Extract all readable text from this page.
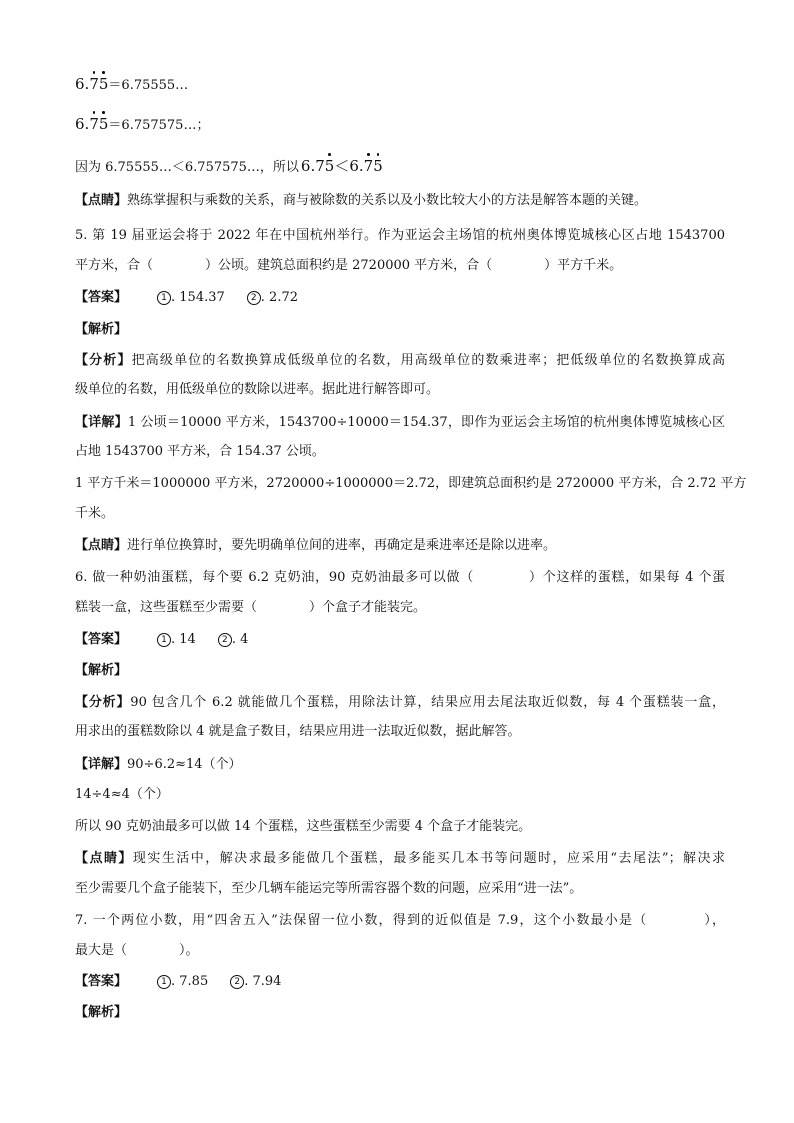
6.75＝6.75555…
6.75＝6.757575…；
因为 6.75555…＜6.757575…，所以 6.75＜6.75
【点睛】熟练掌握积与乘数的关系，商与被除数的关系以及小数比较大小的方法是解答本题的关键。
5. 第 19 届亚运会将于 2022 年在中国杭州举行。作为亚运会主场馆的杭州奥体博览城核心区占地 1543700
平方米，合（　　　　）公顷。建筑总面积约是 2720000 平方米，合（　　　　）平方千米。
【答案】	1 . 154.37	2 . 2.72
【解析】
【分析】把高级单位的名数换算成低级单位的名数，用高级单位的数乘进率；把低级单位的名数换算成高
级单位的名数，用低级单位的数除以进率。据此进行解答即可。
【详解】1 公顷＝10000 平方米，1543700÷10000＝154.37，即作为亚运会主场馆的杭州奥体博览城核心区
占地 1543700 平方米，合 154.37 公顷。
1 平方千米＝1000000 平方米，2720000÷1000000＝2.72，即建筑总面积约是 2720000 平方米，合 2.72 平方
千米。
【点睛】进行单位换算时，要先明确单位间的进率，再确定是乘进率还是除以进率。
6. 做一种奶油蛋糕，每个要 6.2 克奶油，90 克奶油最多可以做（　　　　）个这样的蛋糕，如果每 4 个蛋
糕装一盒，这些蛋糕至少需要（　　　　）个盒子才能装完。
【答案】	1 . 14	2 . 4
【解析】
【分析】90 包含几个 6.2 就能做几个蛋糕，用除法计算，结果应用去尾法取近似数，每 4 个蛋糕装一盒，
用求出的蛋糕数除以 4 就是盒子数目，结果应用进一法取近似数，据此解答。
【详解】90÷6.2≈14（个）
14÷4≈4（个）
所以 90 克奶油最多可以做 14 个蛋糕，这些蛋糕至少需要 4 个盒子才能装完。
【点睛】现实生活中，解决求最多能做几个蛋糕，最多能买几本书等问题时，应采用“去尾法”；解决求
至少需要几个盒子能装下，至少几辆车能运完等所需容器个数的问题，应采用“进一法”。
7. 一个两位小数，用“四舍五入”法保留一位小数，得到的近似值是 7.9，这个小数最小是（　　　　），
最大是（　　　　）。
【答案】	1 . 7.85	2 . 7.94
【解析】
